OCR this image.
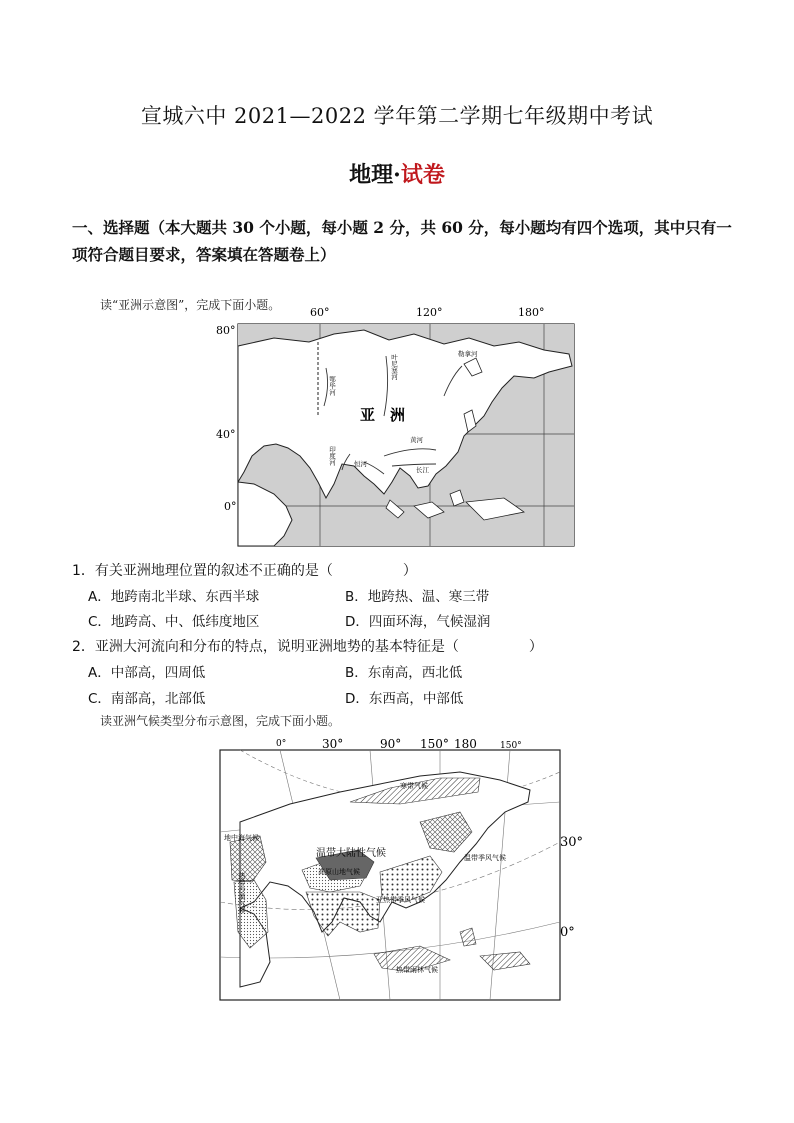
宣城六中 2021—2022 学年第二学期七年级期中考试
地理·试卷
一、选择题（本大题共 30 个小题，每小题 2 分，共 60 分，每小题均有四个选项，其中只有一项符合题目要求，答案填在答题卷上）
读“亚洲示意图”，完成下面小题。
60°	120°	180°
80°
40°
0°
亚　洲
叶尼塞河	勒拿河
鄂毕河
黄河
长江
印度河	恒河
1．有关亚洲地理位置的叙述不正确的是（　　　　　）
A．地跨南北半球、东西半球	B．地跨热、温、寒三带
C．地跨高、中、低纬度地区	D．四面环海，气候湿润
2．亚洲大河流向和分布的特点，说明亚洲地势的基本特征是（　　　　　）
A．中部高，四周低	B．东南高，西北低
C．南部高，北部低	D．东西高，中部低
读亚洲气候类型分布示意图，完成下面小题。
0°	30°	90° 150° 180	150°
30°
0°
寒带气候
温带大陆性气候	温带季风气候
地中海气候
热带沙漠气候	高原山地气候
亚热带季风气候
热带雨林气候
